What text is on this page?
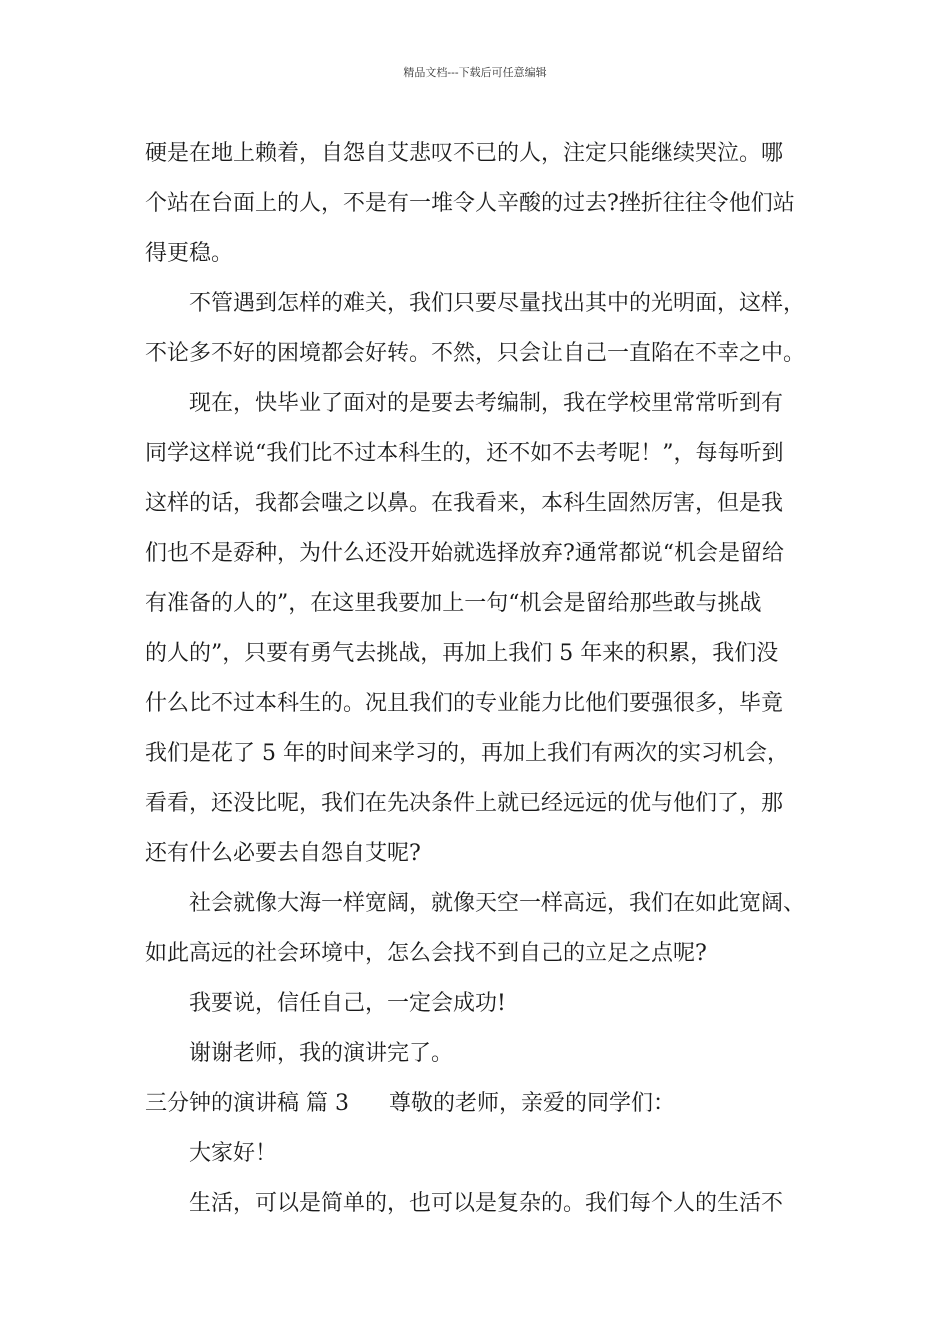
精品文档---下载后可任意编辑
硬是在地上赖着，自怨自艾悲叹不已的人，注定只能继续哭泣。哪
个站在台面上的人，不是有一堆令人辛酸的过去?挫折往往令他们站
得更稳。
不管遇到怎样的难关，我们只要尽量找出其中的光明面，这样，
不论多不好的困境都会好转。不然，只会让自己一直陷在不幸之中。
现在，快毕业了面对的是要去考编制，我在学校里常常听到有
同学这样说“我们比不过本科生的，还不如不去考呢！”，每每听到
这样的话，我都会嗤之以鼻。在我看来，本科生固然厉害，但是我
们也不是孬种，为什么还没开始就选择放弃?通常都说“机会是留给
有准备的人的”，在这里我要加上一句“机会是留给那些敢与挑战
的人的”，只要有勇气去挑战，再加上我们 5 年来的积累，我们没
什么比不过本科生的。况且我们的专业能力比他们要强很多，毕竟
我们是花了 5 年的时间来学习的，再加上我们有两次的实习机会，
看看，还没比呢，我们在先决条件上就已经远远的优与他们了，那
还有什么必要去自怨自艾呢?
社会就像大海一样宽阔，就像天空一样高远，我们在如此宽阔、
如此高远的社会环境中，怎么会找不到自己的立足之点呢?
我要说，信任自己，一定会成功!
谢谢老师，我的演讲完了。
三分钟的演讲稿 篇 3 尊敬的老师，亲爱的同学们：
大家好！
生活，可以是简单的，也可以是复杂的。我们每个人的生活不
